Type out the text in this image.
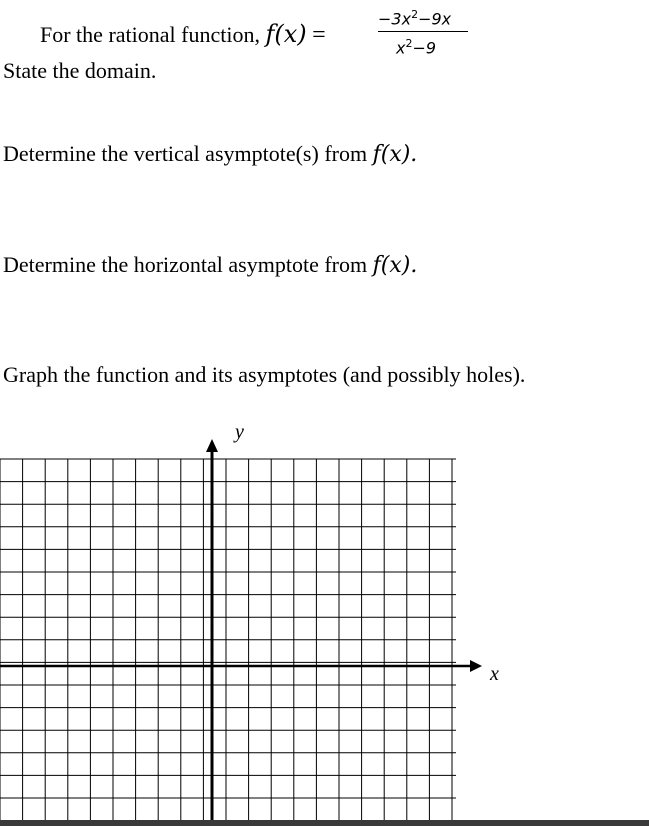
For the rational function, f(x) =
$-3x^2-9x$
$x^2-9$
State the domain.
Determine the vertical asymptote(s) from f(x).
Determine the horizontal asymptote from f(x).
Graph the function and its asymptotes (and possibly holes).
y
x
